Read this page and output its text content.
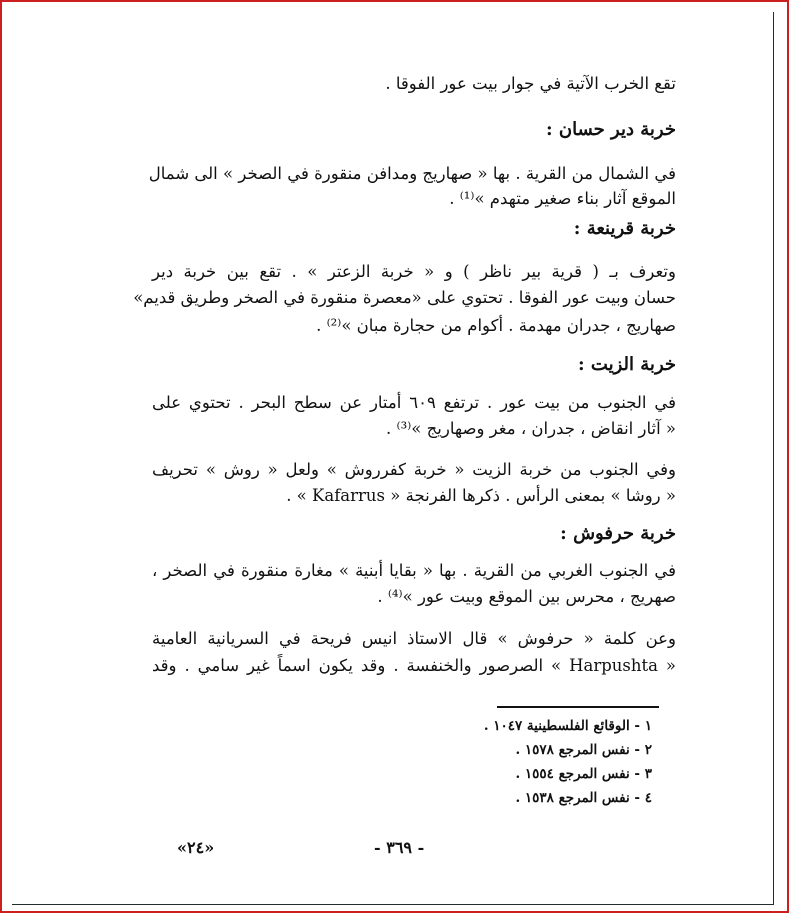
تقع الخرب الآتية في جوار بيت عور الفوقا .
خربة دير حسان :
في الشمال من القرية . بها « صهاريج ومدافن منقورة في الصخر » الى شمال
الموقع آثار بناء صغير متهدم »⁽¹⁾ .
خربة قرينعة :
وتعرف بـ ( قرية بير ناظر ) و « خربة الزعتر » . تقع بين خربة دير
حسان وبيت عور الفوقا . تحتوي على «معصرة منقورة في الصخر وطريق قديم»
صهاريج ، جدران مهدمة . أكوام من حجارة مبان »⁽²⁾ .
خربة الزيت :
في الجنوب من بيت عور . ترتفع ٦٠٩ أمتار عن سطح البحر . تحتوي على
« آثار انقاض ، جدران ، مغر وصهاريج »⁽³⁾ .
وفي الجنوب من خربة الزيت « خربة كفرروش » ولعل « روش » تحريف
« روشا » بمعنى الرأس . ذكرها الفرنجة « Kafarrus » .
خربة حرفوش :
في الجنوب الغربي من القرية . بها « بقايا أبنية » مغارة منقورة في الصخر ،
صهريج ، محرس بين الموقع وبيت عور »⁽⁴⁾ .
وعن كلمة « حرفوش » قال الاستاذ انيس فريحة في السريانية العامية
« Harpushta » الصرصور والخنفسة . وقد يكون اسماً غير سامي . وقد
١ - الوقائع الفلسطينية ١٠٤٧ .
٢ - نفس المرجع ١٥٧٨ .
٣ - نفس المرجع ١٥٥٤ .
٤ - نفس المرجع ١٥٣٨ .
- ٣٦٩ -
«٢٤»
